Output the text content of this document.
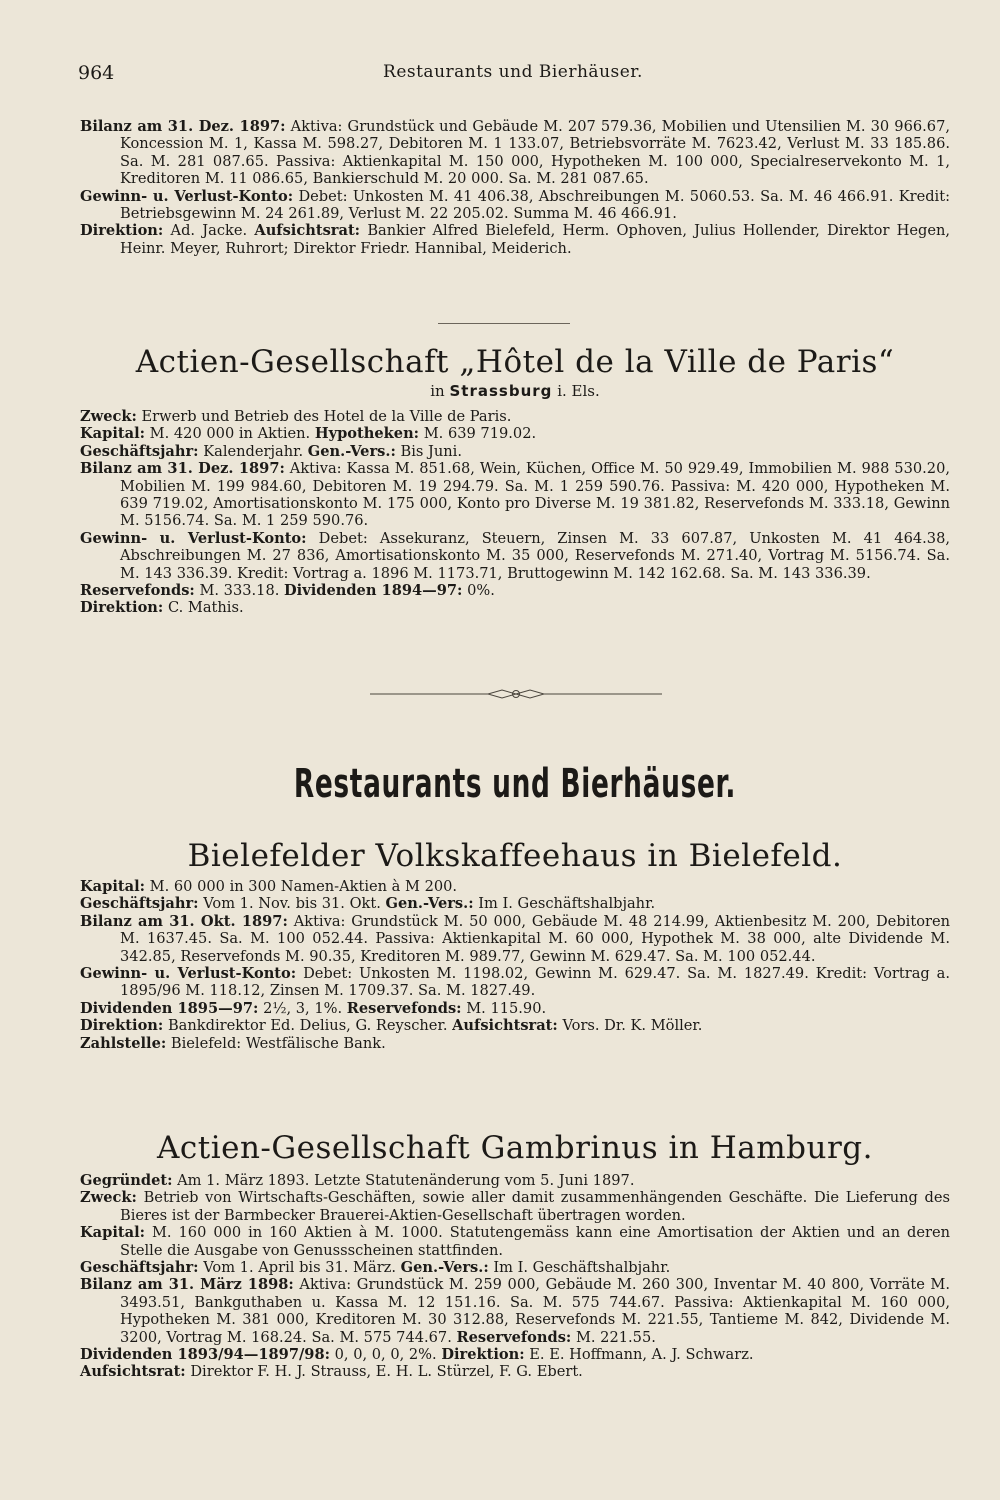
964	Restaurants und Bierhäuser.

Bilanz am 31. Dez. 1897: Aktiva: Grundstück und Gebäude M. 207 579.36, Mobilien und Utensilien M. 30 966.67, Koncession M. 1, Kassa M. 598.27, Debitoren M. 1 133.07, Betriebsvorräte M. 7623.42, Verlust M. 33 185.86. Sa. M. 281 087.65. Passiva: Aktienkapital M. 150 000, Hypotheken M. 100 000, Specialreservekonto M. 1, Kreditoren M. 11 086.65, Bankierschuld M. 20 000. Sa. M. 281 087.65.

Gewinn- u. Verlust-Konto: Debet: Unkosten M. 41 406.38, Abschreibungen M. 5060.53. Sa. M. 46 466.91. Kredit: Betriebsgewinn M. 24 261.89, Verlust M. 22 205.02. Summa M. 46 466.91.

Direktion: Ad. Jacke. Aufsichtsrat: Bankier Alfred Bielefeld, Herm. Ophoven, Julius Hollender, Direktor Hegen, Heinr. Meyer, Ruhrort; Direktor Friedr. Hannibal, Meiderich.

Actien-Gesellschaft „Hôtel de la Ville de Paris“
in Strassburg i. Els.

Zweck: Erwerb und Betrieb des Hotel de la Ville de Paris.

Kapital: M. 420 000 in Aktien. Hypotheken: M. 639 719.02.

Geschäftsjahr: Kalenderjahr. Gen.-Vers.: Bis Juni.

Bilanz am 31. Dez. 1897: Aktiva: Kassa M. 851.68, Wein, Küchen, Office M. 50 929.49, Immobilien M. 988 530.20, Mobilien M. 199 984.60, Debitoren M. 19 294.79. Sa. M. 1 259 590.76. Passiva: M. 420 000, Hypotheken M. 639 719.02, Amortisationskonto M. 175 000, Konto pro Diverse M. 19 381.82, Reservefonds M. 333.18, Gewinn M. 5156.74. Sa. M. 1 259 590.76.

Gewinn- u. Verlust-Konto: Debet: Assekuranz, Steuern, Zinsen M. 33 607.87, Unkosten M. 41 464.38, Abschreibungen M. 27 836, Amortisationskonto M. 35 000, Reservefonds M. 271.40, Vortrag M. 5156.74. Sa. M. 143 336.39. Kredit: Vortrag a. 1896 M. 1173.71, Bruttogewinn M. 142 162.68. Sa. M. 143 336.39.

Reservefonds: M. 333.18. Dividenden 1894—97: 0%.

Direktion: C. Mathis.

Restaurants und Bierhäuser.
Bielefelder Volkskaffeehaus in Bielefeld.

Kapital: M. 60 000 in 300 Namen-Aktien à M 200.

Geschäftsjahr: Vom 1. Nov. bis 31. Okt. Gen.-Vers.: Im I. Geschäftshalbjahr.

Bilanz am 31. Okt. 1897: Aktiva: Grundstück M. 50 000, Gebäude M. 48 214.99, Aktienbesitz M. 200, Debitoren M. 1637.45. Sa. M. 100 052.44. Passiva: Aktienkapital M. 60 000, Hypothek M. 38 000, alte Dividende M. 342.85, Reservefonds M. 90.35, Kreditoren M. 989.77, Gewinn M. 629.47. Sa. M. 100 052.44.

Gewinn- u. Verlust-Konto: Debet: Unkosten M. 1198.02, Gewinn M. 629.47. Sa. M. 1827.49. Kredit: Vortrag a. 1895/96 M. 118.12, Zinsen M. 1709.37. Sa. M. 1827.49.

Dividenden 1895—97: 2½, 3, 1%. Reservefonds: M. 115.90.

Direktion: Bankdirektor Ed. Delius, G. Reyscher. Aufsichtsrat: Vors. Dr. K. Möller.

Zahlstelle: Bielefeld: Westfälische Bank.

Actien-Gesellschaft Gambrinus in Hamburg.

Gegründet: Am 1. März 1893. Letzte Statutenänderung vom 5. Juni 1897.

Zweck: Betrieb von Wirtschafts-Geschäften, sowie aller damit zusammenhängenden Geschäfte. Die Lieferung des Bieres ist der Barmbecker Brauerei-Aktien-Gesellschaft übertragen worden.

Kapital: M. 160 000 in 160 Aktien à M. 1000. Statutengemäss kann eine Amortisation der Aktien und an deren Stelle die Ausgabe von Genussscheinen stattfinden.

Geschäftsjahr: Vom 1. April bis 31. März. Gen.-Vers.: Im I. Geschäftshalbjahr.

Bilanz am 31. März 1898: Aktiva: Grundstück M. 259 000, Gebäude M. 260 300, Inventar M. 40 800, Vorräte M. 3493.51, Bankguthaben u. Kassa M. 12 151.16. Sa. M. 575 744.67. Passiva: Aktienkapital M. 160 000, Hypotheken M. 381 000, Kreditoren M. 30 312.88, Reservefonds M. 221.55, Tantieme M. 842, Dividende M. 3200, Vortrag M. 168.24. Sa. M. 575 744.67. Reservefonds: M. 221.55.

Dividenden 1893/94—1897/98: 0, 0, 0, 0, 2%. Direktion: E. E. Hoffmann, A. J. Schwarz.

Aufsichtsrat: Direktor F. H. J. Strauss, E. H. L. Stürzel, F. G. Ebert.
